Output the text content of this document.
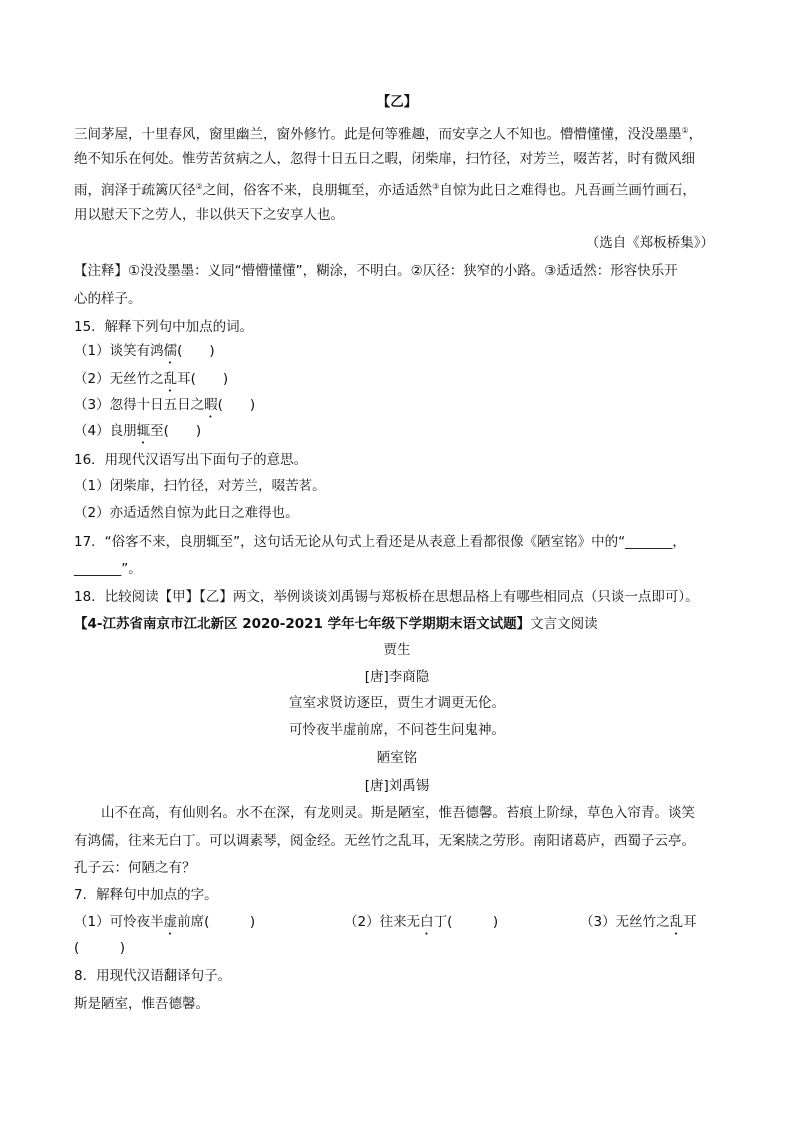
【乙】
三间茅屋，十里春风，窗里幽兰，窗外修竹。此是何等雅趣，而安享之人不知也。懵懵懂懂，没没墨墨①，
绝不知乐在何处。惟劳苦贫病之人，忽得十日五日之暇，闭柴扉，扫竹径，对芳兰，啜苦茗，时有微风细
雨，润泽于疏篱仄径②之间，俗客不来，良朋辄至，亦适适然③自惊为此日之难得也。凡吾画兰画竹画石，
用以慰天下之劳人，非以供天下之安享人也。
（选自《郑板桥集》）
【注释】①没没墨墨：义同“懵懵懂懂”，糊涂，不明白。②仄径：狭窄的小路。③适适然：形容快乐开
心的样子。
15．解释下列句中加点的词。
（1）谈笑有鸿儒(　　)
（2）无丝竹之乱耳(　　)
（3）忽得十日五日之暇(　　)
（4）良朋辄至(　　)
16．用现代汉语写出下面句子的意思。
（1）闭柴扉，扫竹径，对芳兰，啜苦茗。
（2）亦适适然自惊为此日之难得也。
17．“俗客不来，良朋辄至”，这句话无论从句式上看还是从表意上看都很像《陋室铭》中的“_______，
_______”。
18．比较阅读【甲】【乙】两文，举例谈谈刘禹锡与郑板桥在思想品格上有哪些相同点（只谈一点即可）。
【4-江苏省南京市江北新区 2020-2021 学年七年级下学期期末语文试题】文言文阅读
贾生
[唐]李商隐
宣室求贤访逐臣，贾生才调更无伦。
可怜夜半虚前席，不问苍生问鬼神。
陋室铭
[唐]刘禹锡
山不在高，有仙则名。水不在深，有龙则灵。斯是陋室，惟吾德馨。苔痕上阶绿，草色入帘青。谈笑
有鸿儒，往来无白丁。可以调素琴，阅金经。无丝竹之乱耳，无案牍之劳形。南阳诸葛庐，西蜀子云亭。
孔子云：何陋之有？
7．解释句中加点的字。
（1）可怜夜半虚前席(　　　)	（2）往来无白丁(　　　)	（3）无丝竹之乱耳
(　　　)
8．用现代汉语翻译句子。
斯是陋室，惟吾德馨。
